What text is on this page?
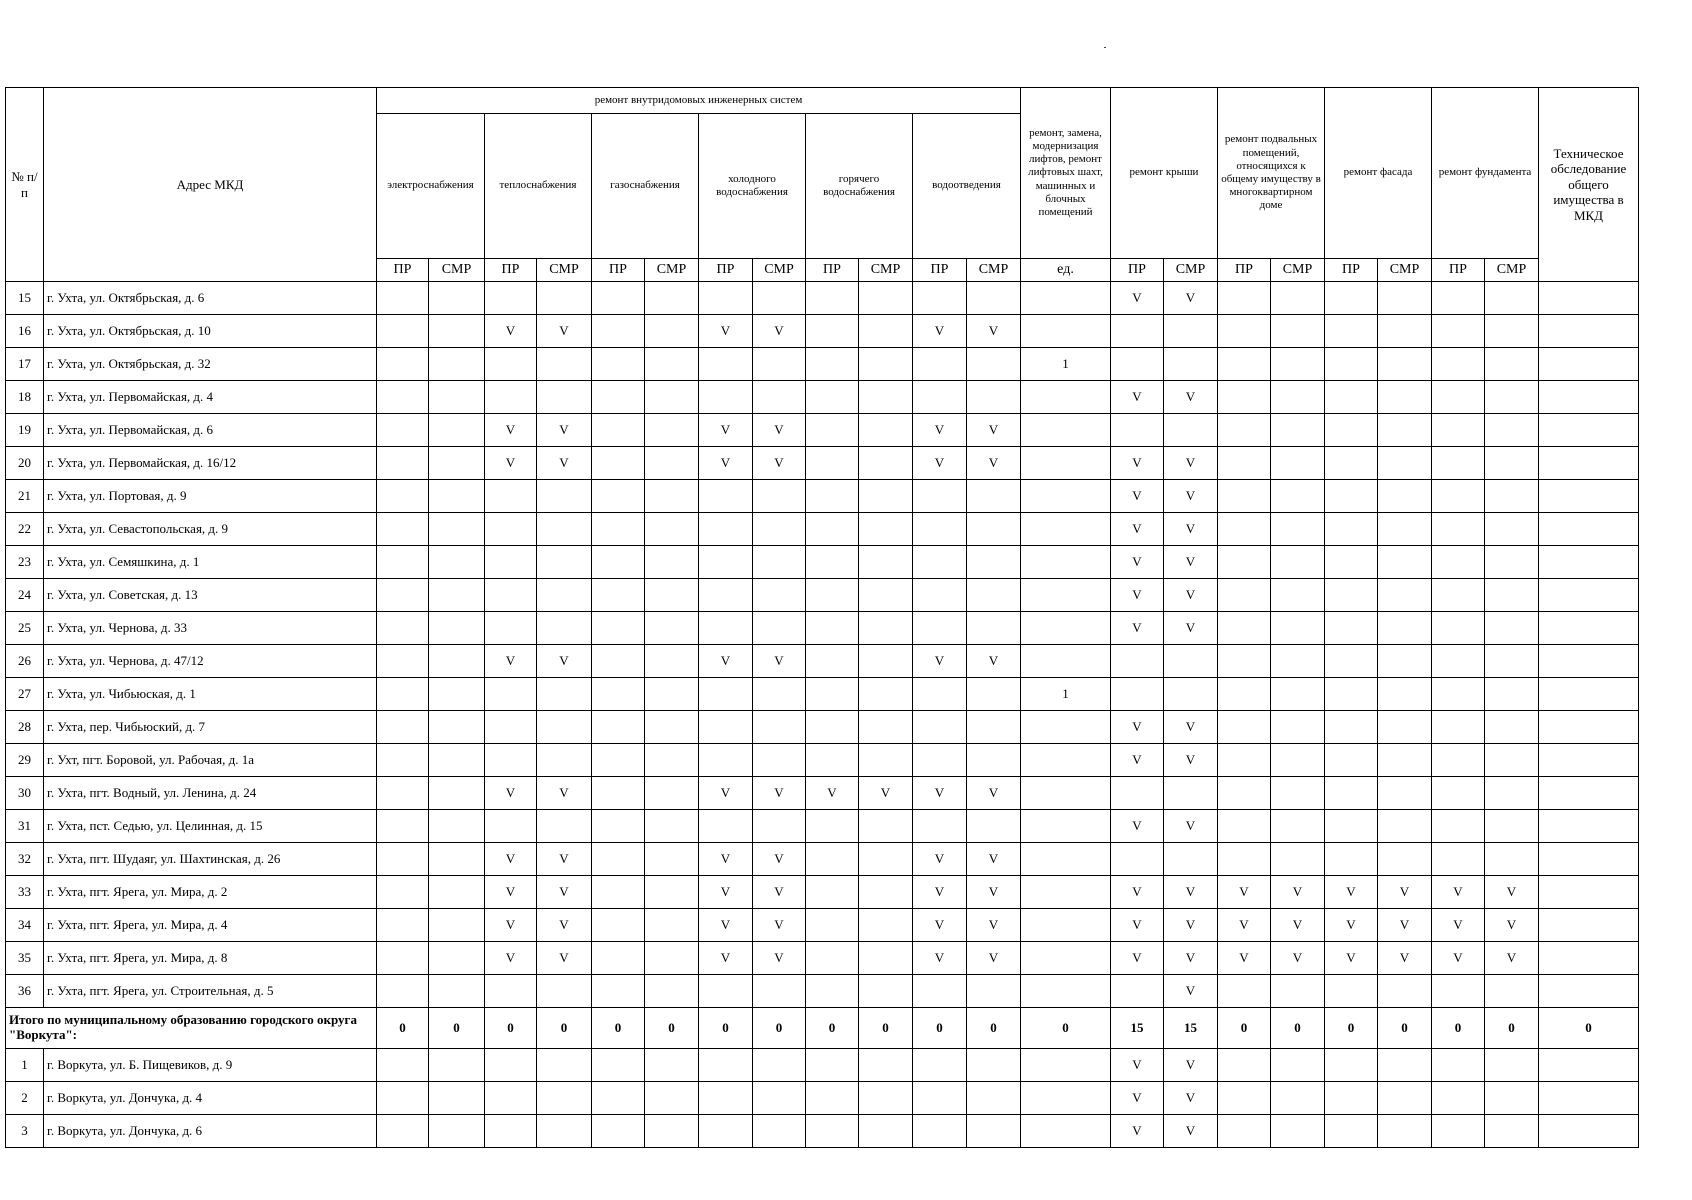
№ п/п	Адрес МКД	ремонт внутридомовых инженерных систем												ремонт, замена, модернизация лифтов, ремонт лифтовых шахт, машинных и блочных помещений	ремонт крыши		ремонт подвальных помещений, относящихся к общему имуществу в многоквартирном доме		ремонт фасада		ремонт фундамента		Техническое обследование общего имущества в МКД
		электроснабжения		теплоснабжения		газоснабжения		холодного водоснабжения		горячего водоснабжения		водоотведения											
		ПР	СМР	ПР	СМР	ПР	СМР	ПР	СМР	ПР	СМР	ПР	СМР	ед.	ПР	СМР	ПР	СМР	ПР	СМР	ПР	СМР	
15	г. Ухта, ул. Октябрьская, д. 6														V	V							
16	г. Ухта, ул. Октябрьская, д. 10			V	V			V	V			V	V										
17	г. Ухта, ул. Октябрьская, д. 32													1									
18	г. Ухта, ул. Первомайская, д. 4														V	V							
19	г. Ухта, ул. Первомайская, д. 6			V	V			V	V			V	V										
20	г. Ухта, ул. Первомайская, д. 16/12			V	V			V	V			V	V		V	V							
21	г. Ухта, ул. Портовая, д. 9														V	V							
22	г. Ухта, ул. Севастопольская, д. 9														V	V							
23	г. Ухта, ул. Семяшкина, д. 1														V	V							
24	г. Ухта, ул. Советская, д. 13														V	V							
25	г. Ухта, ул. Чернова, д. 33														V	V							
26	г. Ухта, ул. Чернова, д. 47/12			V	V			V	V			V	V										
27	г. Ухта, ул. Чибьюская, д. 1													1									
28	г. Ухта, пер. Чибьюский, д. 7														V	V							
29	г. Ухт, пгт. Боровой, ул. Рабочая, д. 1а														V	V							
30	г. Ухта, пгт. Водный, ул. Ленина, д. 24			V	V			V	V	V	V	V	V										
31	г. Ухта, пст. Седью, ул. Целинная, д. 15														V	V							
32	г. Ухта, пгт. Шудаяг, ул. Шахтинская, д. 26			V	V			V	V			V	V										
33	г. Ухта, пгт. Ярега, ул. Мира, д. 2			V	V			V	V			V	V		V	V	V	V	V	V	V	V	
34	г. Ухта, пгт. Ярега, ул. Мира, д. 4			V	V			V	V			V	V		V	V	V	V	V	V	V	V	
35	г. Ухта, пгт. Ярега, ул. Мира, д. 8			V	V			V	V			V	V		V	V	V	V	V	V	V	V	
36	г. Ухта, пгт. Ярега, ул. Строительная, д. 5															V							
Итого по муниципальному образованию городского округа "Воркута":		0	0	0	0	0	0	0	0	0	0	0	0	0	15	15	0	0	0	0	0	0	0
1	г. Воркута, ул. Б. Пищевиков, д. 9														V	V							
2	г. Воркута, ул. Дончука, д. 4														V	V							
3	г. Воркута, ул. Дончука, д. 6														V	V							
